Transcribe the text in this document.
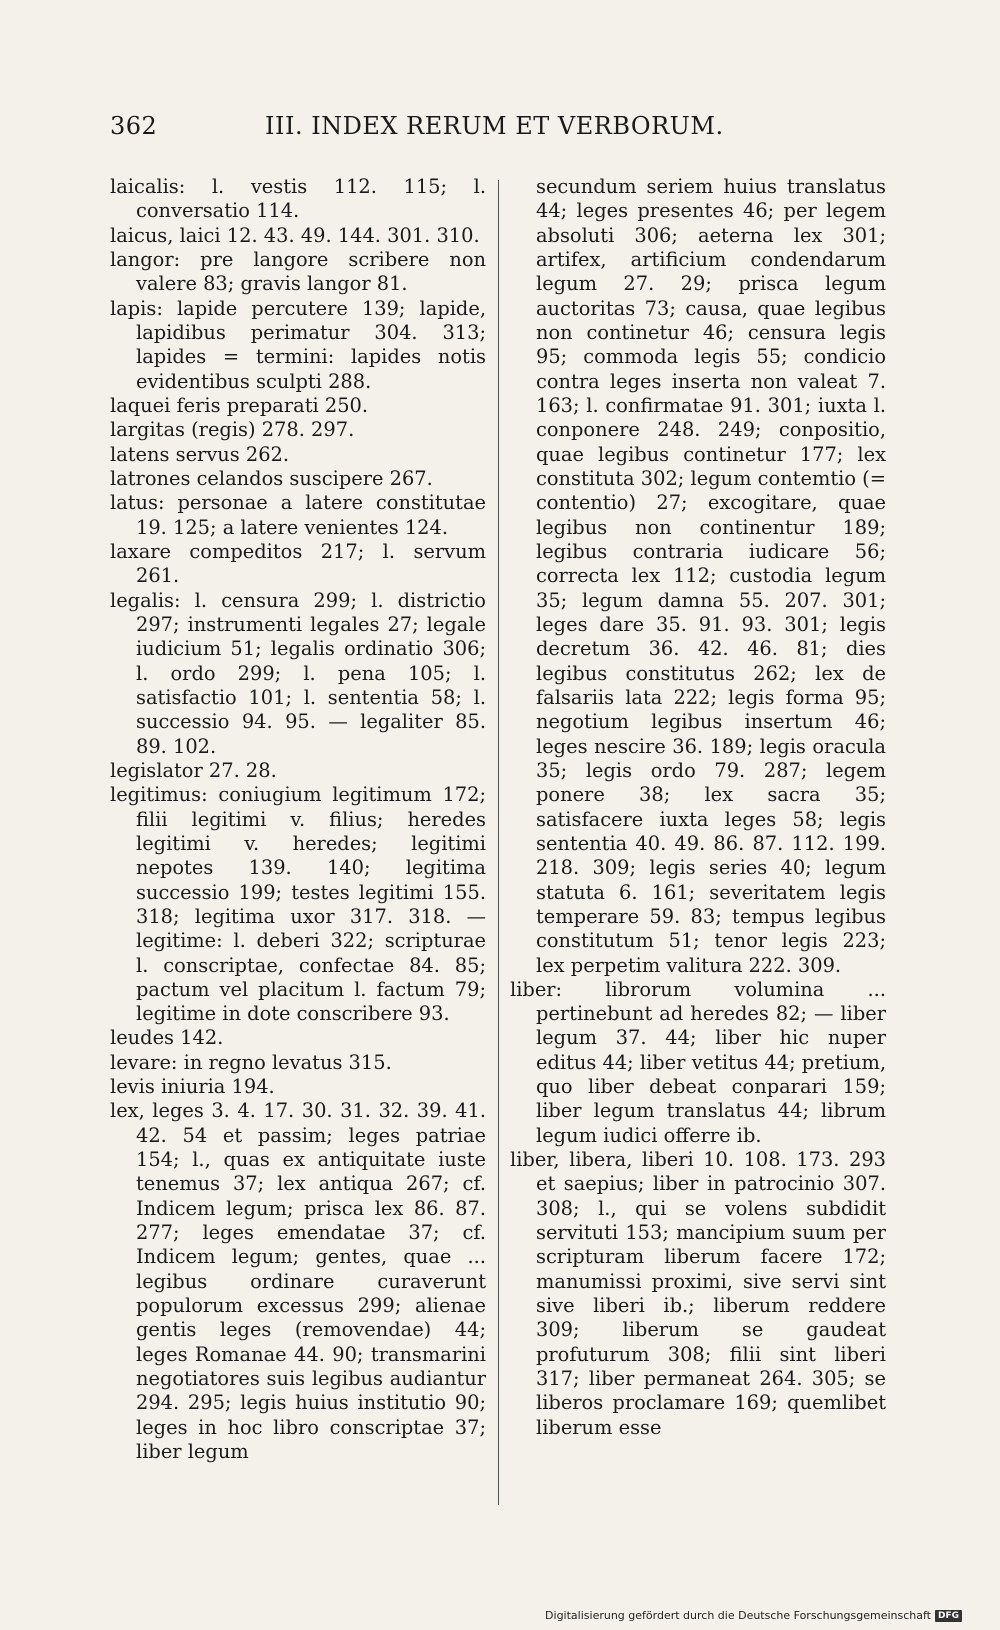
362	III. INDEX RERUM ET VERBORUM.

laicalis: l. vestis 112. 115; l. conversatio 114.

laicus, laici 12. 43. 49. 144. 301. 310.

langor: pre langore scribere non valere 83; gravis langor 81.

lapis: lapide percutere 139; lapide, lapidibus perimatur 304. 313; lapides = termini: lapides notis evidentibus sculpti 288.

laquei feris preparati 250.

largitas (regis) 278. 297.

latens servus 262.

latrones celandos suscipere 267.

latus: personae a latere constitutae 19. 125; a latere venientes 124.

laxare compeditos 217; l. servum 261.

legalis: l. censura 299; l. districtio 297; instrumenti legales 27; legale iudicium 51; legalis ordinatio 306; l. ordo 299; l. pena 105; l. satisfactio 101; l. sententia 58; l. successio 94. 95. — legaliter 85. 89. 102.

legislator 27. 28.

legitimus: coniugium legitimum 172; filii legitimi v. filius; heredes legitimi v. heredes; legitimi nepotes 139. 140; legitima successio 199; testes legitimi 155. 318; legitima uxor 317. 318. — legitime: l. deberi 322; scripturae l. conscriptae, confectae 84. 85; pactum vel placitum l. factum 79; legitime in dote conscribere 93.

leudes 142.

levare: in regno levatus 315.

levis iniuria 194.

lex, leges 3. 4. 17. 30. 31. 32. 39. 41. 42. 54 et passim; leges patriae 154; l., quas ex antiquitate iuste tenemus 37; lex antiqua 267; cf. Indicem legum; prisca lex 86. 87. 277; leges emendatae 37; cf. Indicem legum; gentes, quae ... legibus ordinare curaverunt populorum excessus 299; alienae gentis leges (removendae) 44; leges Romanae 44. 90; transmarini negotiatores suis legibus audiantur 294. 295; legis huius institutio 90; leges in hoc libro conscriptae 37; liber legum

secundum seriem huius translatus 44; leges presentes 46; per legem absoluti 306; aeterna lex 301; artifex, artificium condendarum legum 27. 29; prisca legum auctoritas 73; causa, quae legibus non continetur 46; censura legis 95; commoda legis 55; condicio contra leges inserta non valeat 7. 163; l. confirmatae 91. 301; iuxta l. conponere 248. 249; conpositio, quae legibus continetur 177; lex constituta 302; legum contemtio (= contentio) 27; excogitare, quae legibus non continentur 189; legibus contraria iudicare 56; correcta lex 112; custodia legum 35; legum damna 55. 207. 301; leges dare 35. 91. 93. 301; legis decretum 36. 42. 46. 81; dies legibus constitutus 262; lex de falsariis lata 222; legis forma 95; negotium legibus insertum 46; leges nescire 36. 189; legis oracula 35; legis ordo 79. 287; legem ponere 38; lex sacra 35; satisfacere iuxta leges 58; legis sententia 40. 49. 86. 87. 112. 199. 218. 309; legis series 40; legum statuta 6. 161; severitatem legis temperare 59. 83; tempus legibus constitutum 51; tenor legis 223; lex perpetim valitura 222. 309.

liber: librorum volumina ... pertinebunt ad heredes 82; — liber legum 37. 44; liber hic nuper editus 44; liber vetitus 44; pretium, quo liber debeat conparari 159; liber legum translatus 44; librum legum iudici offerre ib.

liber, libera, liberi 10. 108. 173. 293 et saepius; liber in patrocinio 307. 308; l., qui se volens subdidit servituti 153; mancipium suum per scripturam liberum facere 172; manumissi proximi, sive servi sint sive liberi ib.; liberum reddere 309; liberum se gaudeat profuturum 308; filii sint liberi 317; liber permaneat 264. 305; se liberos proclamare 169; quemlibet liberum esse

Digitalisierung gefördert durch die Deutsche Forschungsgemeinschaft DFG
